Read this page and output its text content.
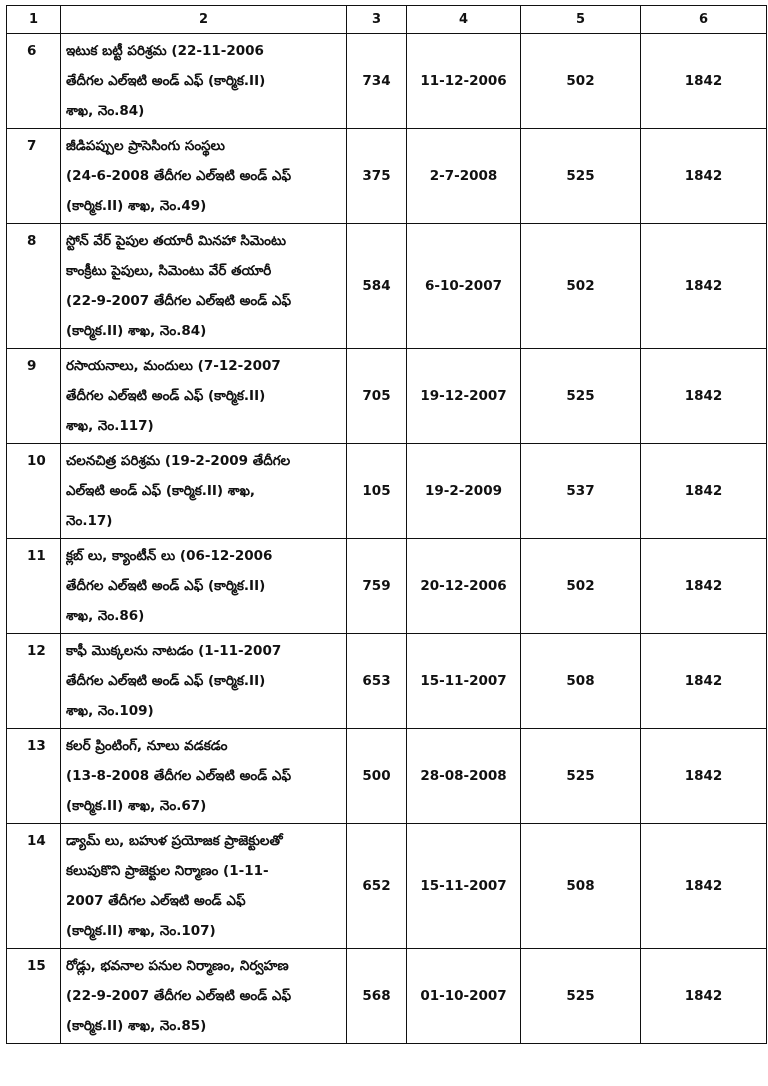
1	2	3	4	5	6
6	ఇటుక బట్టీ పరిశ్రమ (22-11-2006
తేదీగల ఎల్ఇటి అండ్ ఎఫ్ (కార్మిక.II)
శాఖ, నెం.84)	734	11-12-2006	502	1842
7	జీడిపప్పుల ప్రాసెసింగు సంస్థలు
(24-6-2008 తేదీగల ఎల్ఇటి అండ్ ఎఫ్
(కార్మిక.II) శాఖ, నెం.49)	375	2-7-2008	525	1842
8	స్టోన్ వేర్ పైపుల తయారీ మినహా సిమెంటు
కాంక్రీటు పైపులు, సిమెంటు వేర్ తయారీ
(22-9-2007 తేదీగల ఎల్ఇటి అండ్ ఎఫ్
(కార్మిక.II) శాఖ, నెం.84)	584	6-10-2007	502	1842
9	రసాయనాలు, మందులు (7-12-2007
తేదీగల ఎల్ఇటి అండ్ ఎఫ్ (కార్మిక.II)
శాఖ, నెం.117)	705	19-12-2007	525	1842
10	చలనచిత్ర పరిశ్రమ (19-2-2009 తేదీగల
ఎల్ఇటి అండ్ ఎఫ్ (కార్మిక.II) శాఖ,
నెం.17)	105	19-2-2009	537	1842
11	క్లబ్ లు, క్యాంటీన్ లు (06-12-2006
తేదీగల ఎల్ఇటి అండ్ ఎఫ్ (కార్మిక.II)
శాఖ, నెం.86)	759	20-12-2006	502	1842
12	కాఫీ మొక్కలను నాటడం (1-11-2007
తేదీగల ఎల్ఇటి అండ్ ఎఫ్ (కార్మిక.II)
శాఖ, నెం.109)	653	15-11-2007	508	1842
13	కలర్ ప్రింటింగ్, నూలు వడకడం
(13-8-2008 తేదీగల ఎల్ఇటి అండ్ ఎఫ్
(కార్మిక.II) శాఖ, నెం.67)	500	28-08-2008	525	1842
14	డ్యామ్ లు, బహుళ ప్రయోజక ప్రాజెక్టులతో
కలుపుకొని ప్రాజెక్టుల నిర్మాణం (1-11-
2007 తేదీగల ఎల్ఇటి అండ్ ఎఫ్
(కార్మిక.II) శాఖ, నెం.107)	652	15-11-2007	508	1842
15	రోడ్లు, భవనాల పనుల నిర్మాణం, నిర్వహణ
(22-9-2007 తేదీగల ఎల్ఇటి అండ్ ఎఫ్
(కార్మిక.II) శాఖ, నెం.85)	568	01-10-2007	525	1842
